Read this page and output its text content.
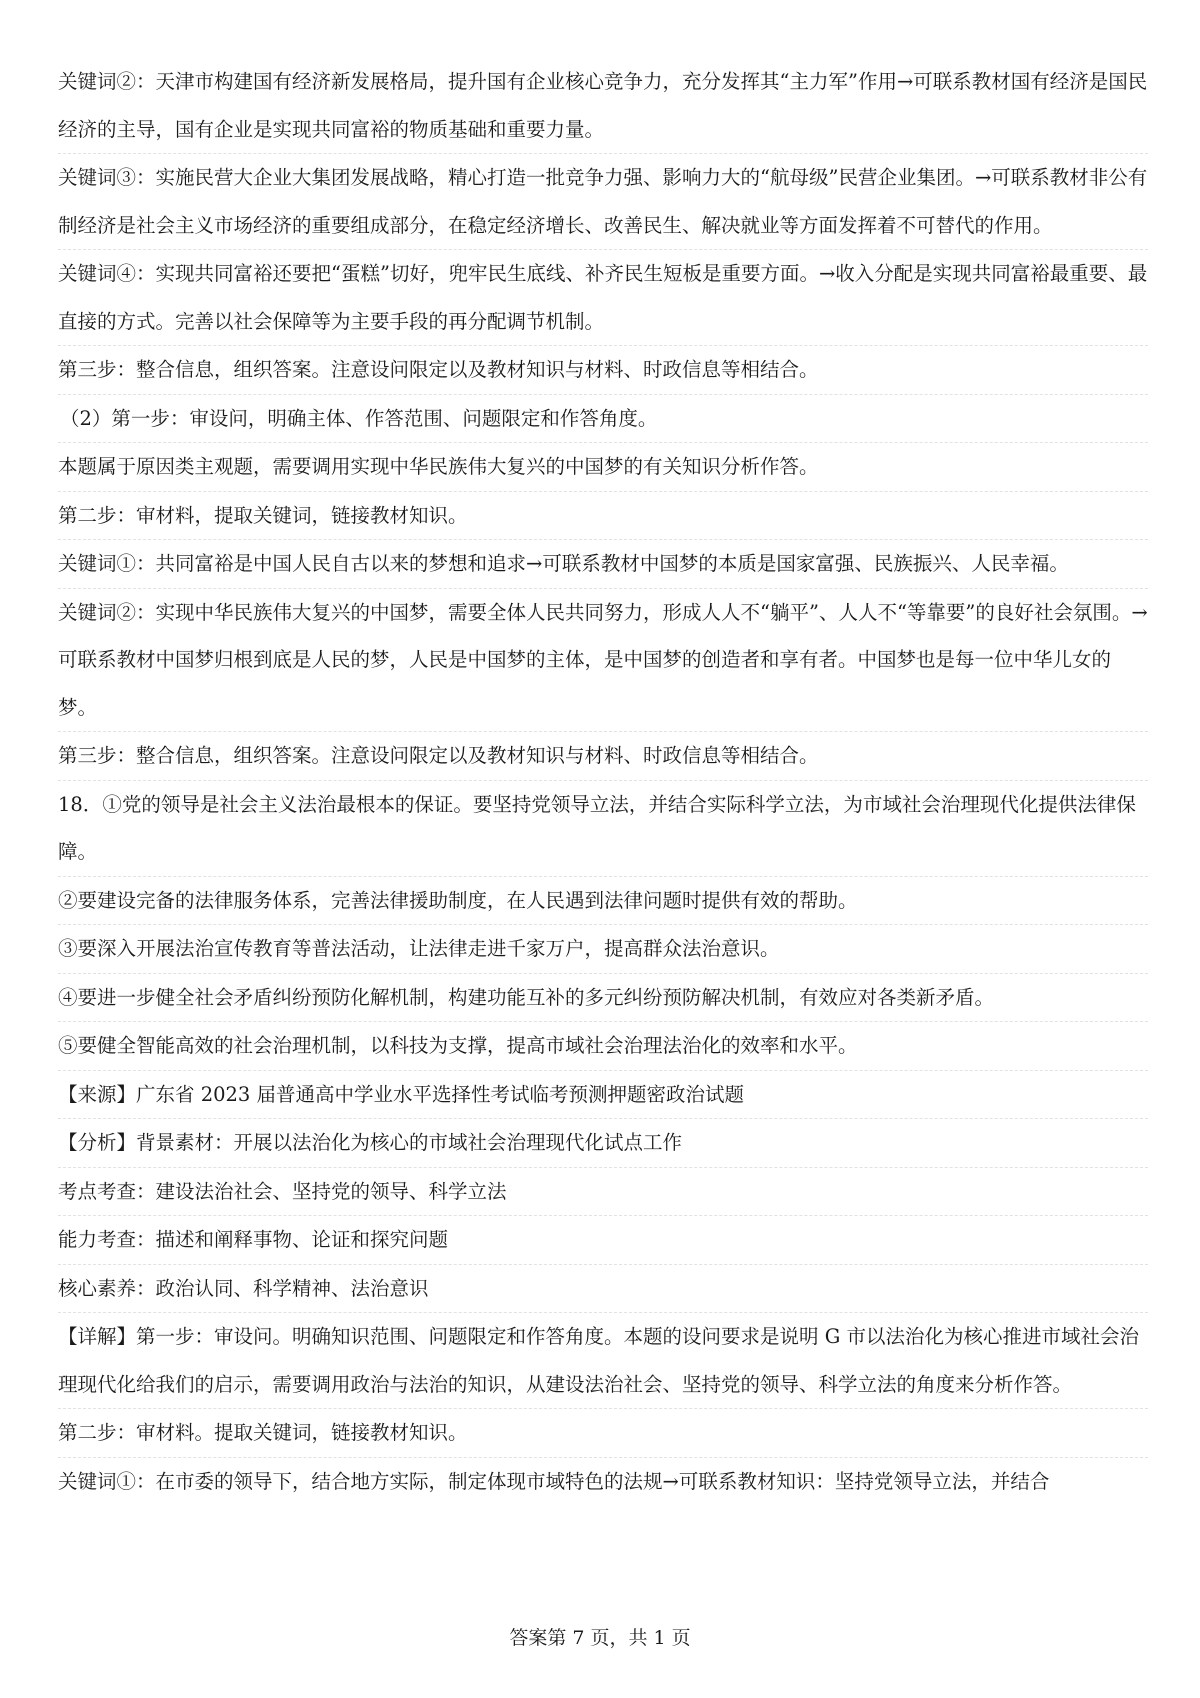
关键词②：天津市构建国有经济新发展格局，提升国有企业核心竞争力，充分发挥其“主力军”作用→可联系教材国有经济是国民经济的主导，国有企业是实现共同富裕的物质基础和重要力量。

关键词③：实施民营大企业大集团发展战略，精心打造一批竞争力强、影响力大的“航母级”民营企业集团。→可联系教材非公有制经济是社会主义市场经济的重要组成部分，在稳定经济增长、改善民生、解决就业等方面发挥着不可替代的作用。

关键词④：实现共同富裕还要把“蛋糕”切好，兜牢民生底线、补齐民生短板是重要方面。→收入分配是实现共同富裕最重要、最直接的方式。完善以社会保障等为主要手段的再分配调节机制。

第三步：整合信息，组织答案。注意设问限定以及教材知识与材料、时政信息等相结合。

（2）第一步：审设问，明确主体、作答范围、问题限定和作答角度。

本题属于原因类主观题，需要调用实现中华民族伟大复兴的中国梦的有关知识分析作答。

第二步：审材料，提取关键词，链接教材知识。

关键词①：共同富裕是中国人民自古以来的梦想和追求→可联系教材中国梦的本质是国家富强、民族振兴、人民幸福。

关键词②：实现中华民族伟大复兴的中国梦，需要全体人民共同努力，形成人人不“躺平”、人人不“等靠要”的良好社会氛围。→可联系教材中国梦归根到底是人民的梦，人民是中国梦的主体，是中国梦的创造者和享有者。中国梦也是每一位中华儿女的梦。

第三步：整合信息，组织答案。注意设问限定以及教材知识与材料、时政信息等相结合。

18．①党的领导是社会主义法治最根本的保证。要坚持党领导立法，并结合实际科学立法，为市域社会治理现代化提供法律保障。

②要建设完备的法律服务体系，完善法律援助制度，在人民遇到法律问题时提供有效的帮助。

③要深入开展法治宣传教育等普法活动，让法律走进千家万户，提高群众法治意识。

④要进一步健全社会矛盾纠纷预防化解机制，构建功能互补的多元纠纷预防解决机制，有效应对各类新矛盾。

⑤要健全智能高效的社会治理机制，以科技为支撑，提高市域社会治理法治化的效率和水平。

【来源】广东省 2023 届普通高中学业水平选择性考试临考预测押题密政治试题

【分析】背景素材：开展以法治化为核心的市域社会治理现代化试点工作

考点考查：建设法治社会、坚持党的领导、科学立法

能力考查：描述和阐释事物、论证和探究问题

核心素养：政治认同、科学精神、法治意识

【详解】第一步：审设问。明确知识范围、问题限定和作答角度。本题的设问要求是说明 G 市以法治化为核心推进市域社会治理现代化给我们的启示，需要调用政治与法治的知识，从建设法治社会、坚持党的领导、科学立法的角度来分析作答。

第二步：审材料。提取关键词，链接教材知识。

关键词①：在市委的领导下，结合地方实际，制定体现市域特色的法规→可联系教材知识：坚持党领导立法，并结合

答案第 7 页，共 1 页
